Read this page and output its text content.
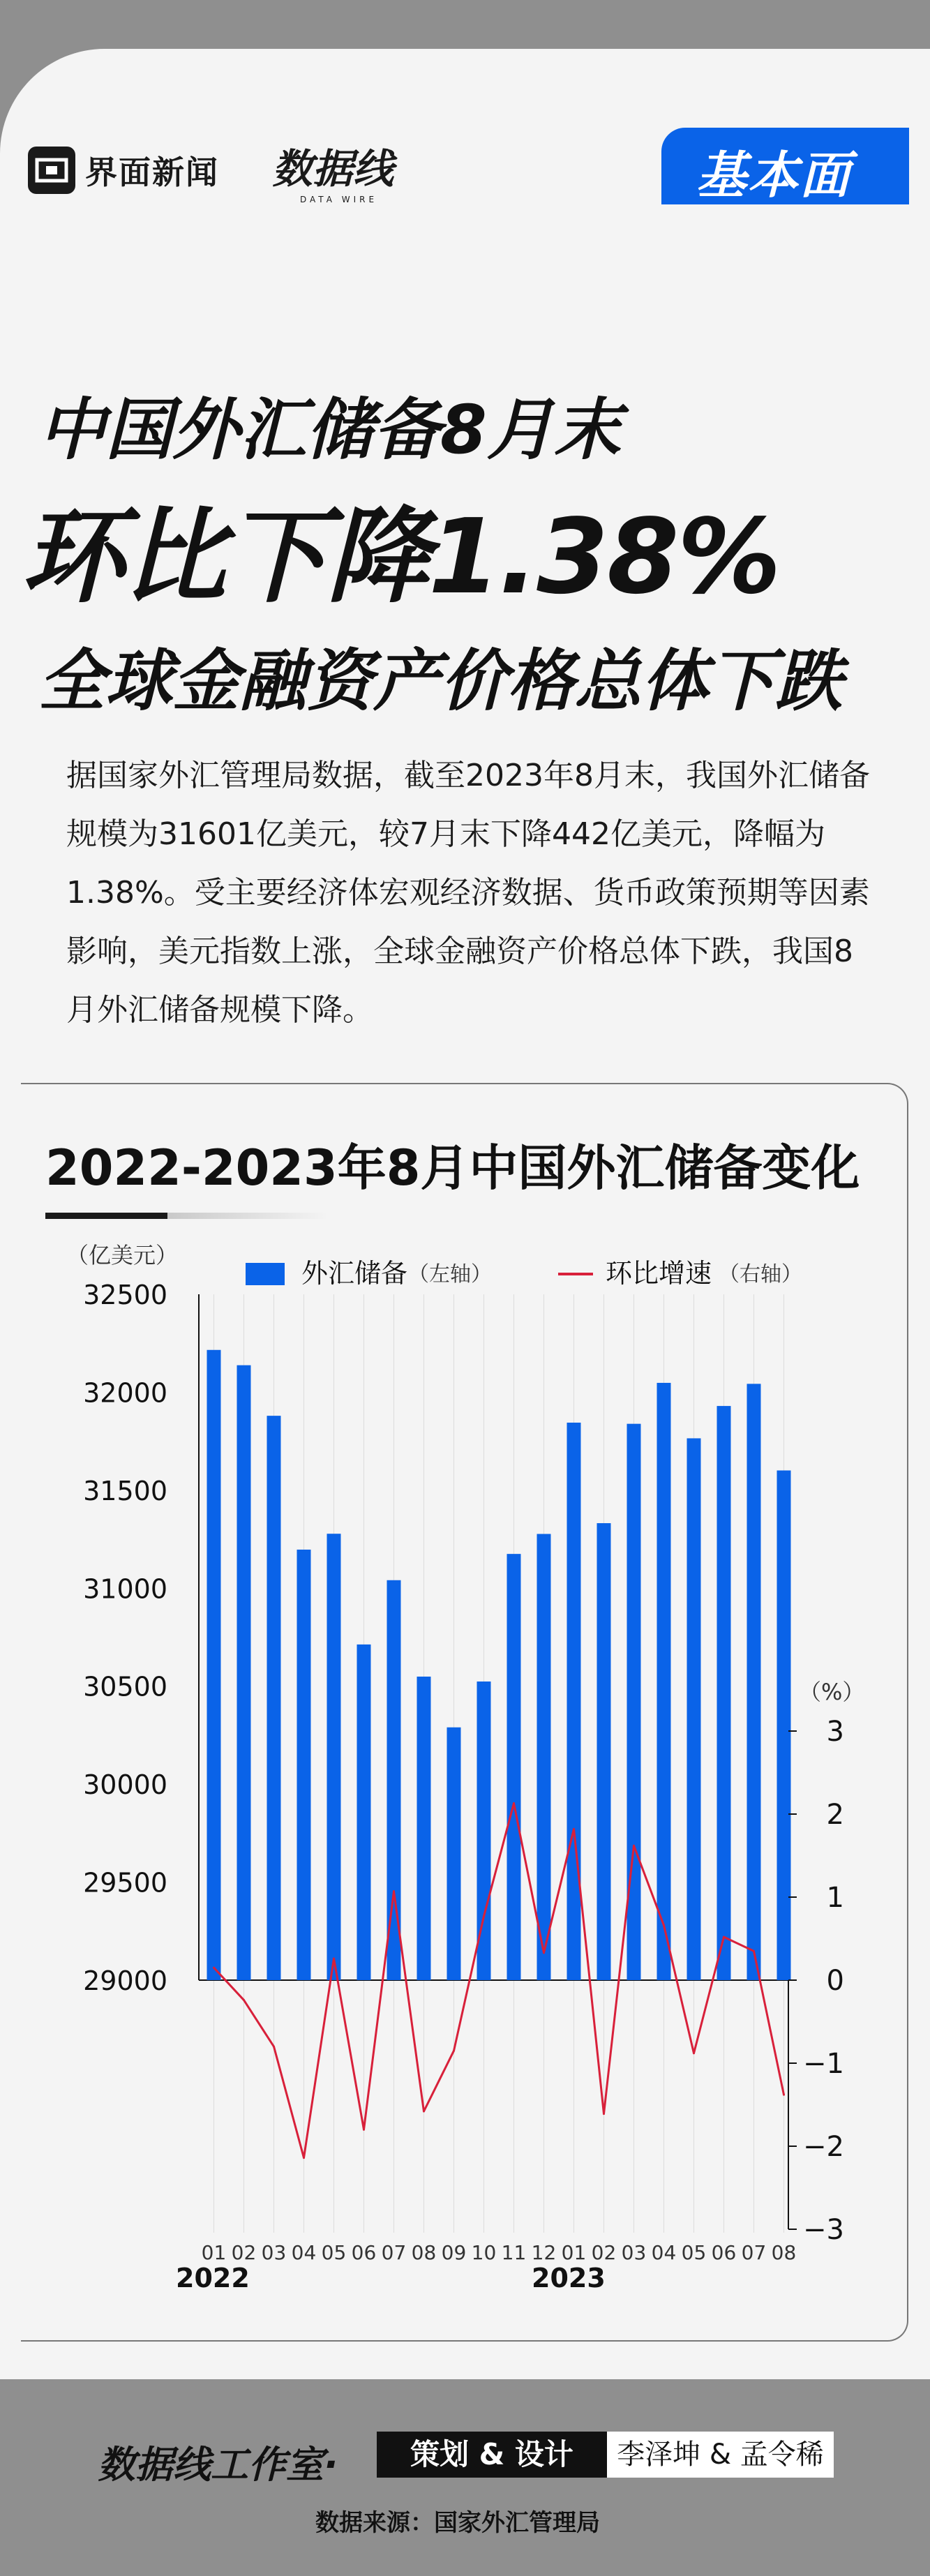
界面新闻 数据线
DATA WIRE	基本面
中国外汇储备8月末
环比下降1.38%
全球金融资产价格总体下跌
据国家外汇管理局数据，截至2023年8月末，我国外汇储备规模为31601亿美元，较7月末下降442亿美元，降幅为1.38%。受主要经济体宏观经济数据、货币政策预期等因素影响，美元指数上涨，全球金融资产价格总体下跌，我国8月外汇储备规模下降。
2022-2023年8月中国外汇储备变化
（亿美元）
（%）
外汇储备 （左轴）	环比增速 （右轴）
29000
29500
30000
30500
31000
31500
32000
32500
3
2
1
0
−1
−2
−3
01 02 03 04 05 06 07 08 09 10 11 12 01 02 03 04 05 06 07 08
2022	2023
数据线工作室·	策划 & 设计	李泽坤 & 孟令稀
数据来源：国家外汇管理局
